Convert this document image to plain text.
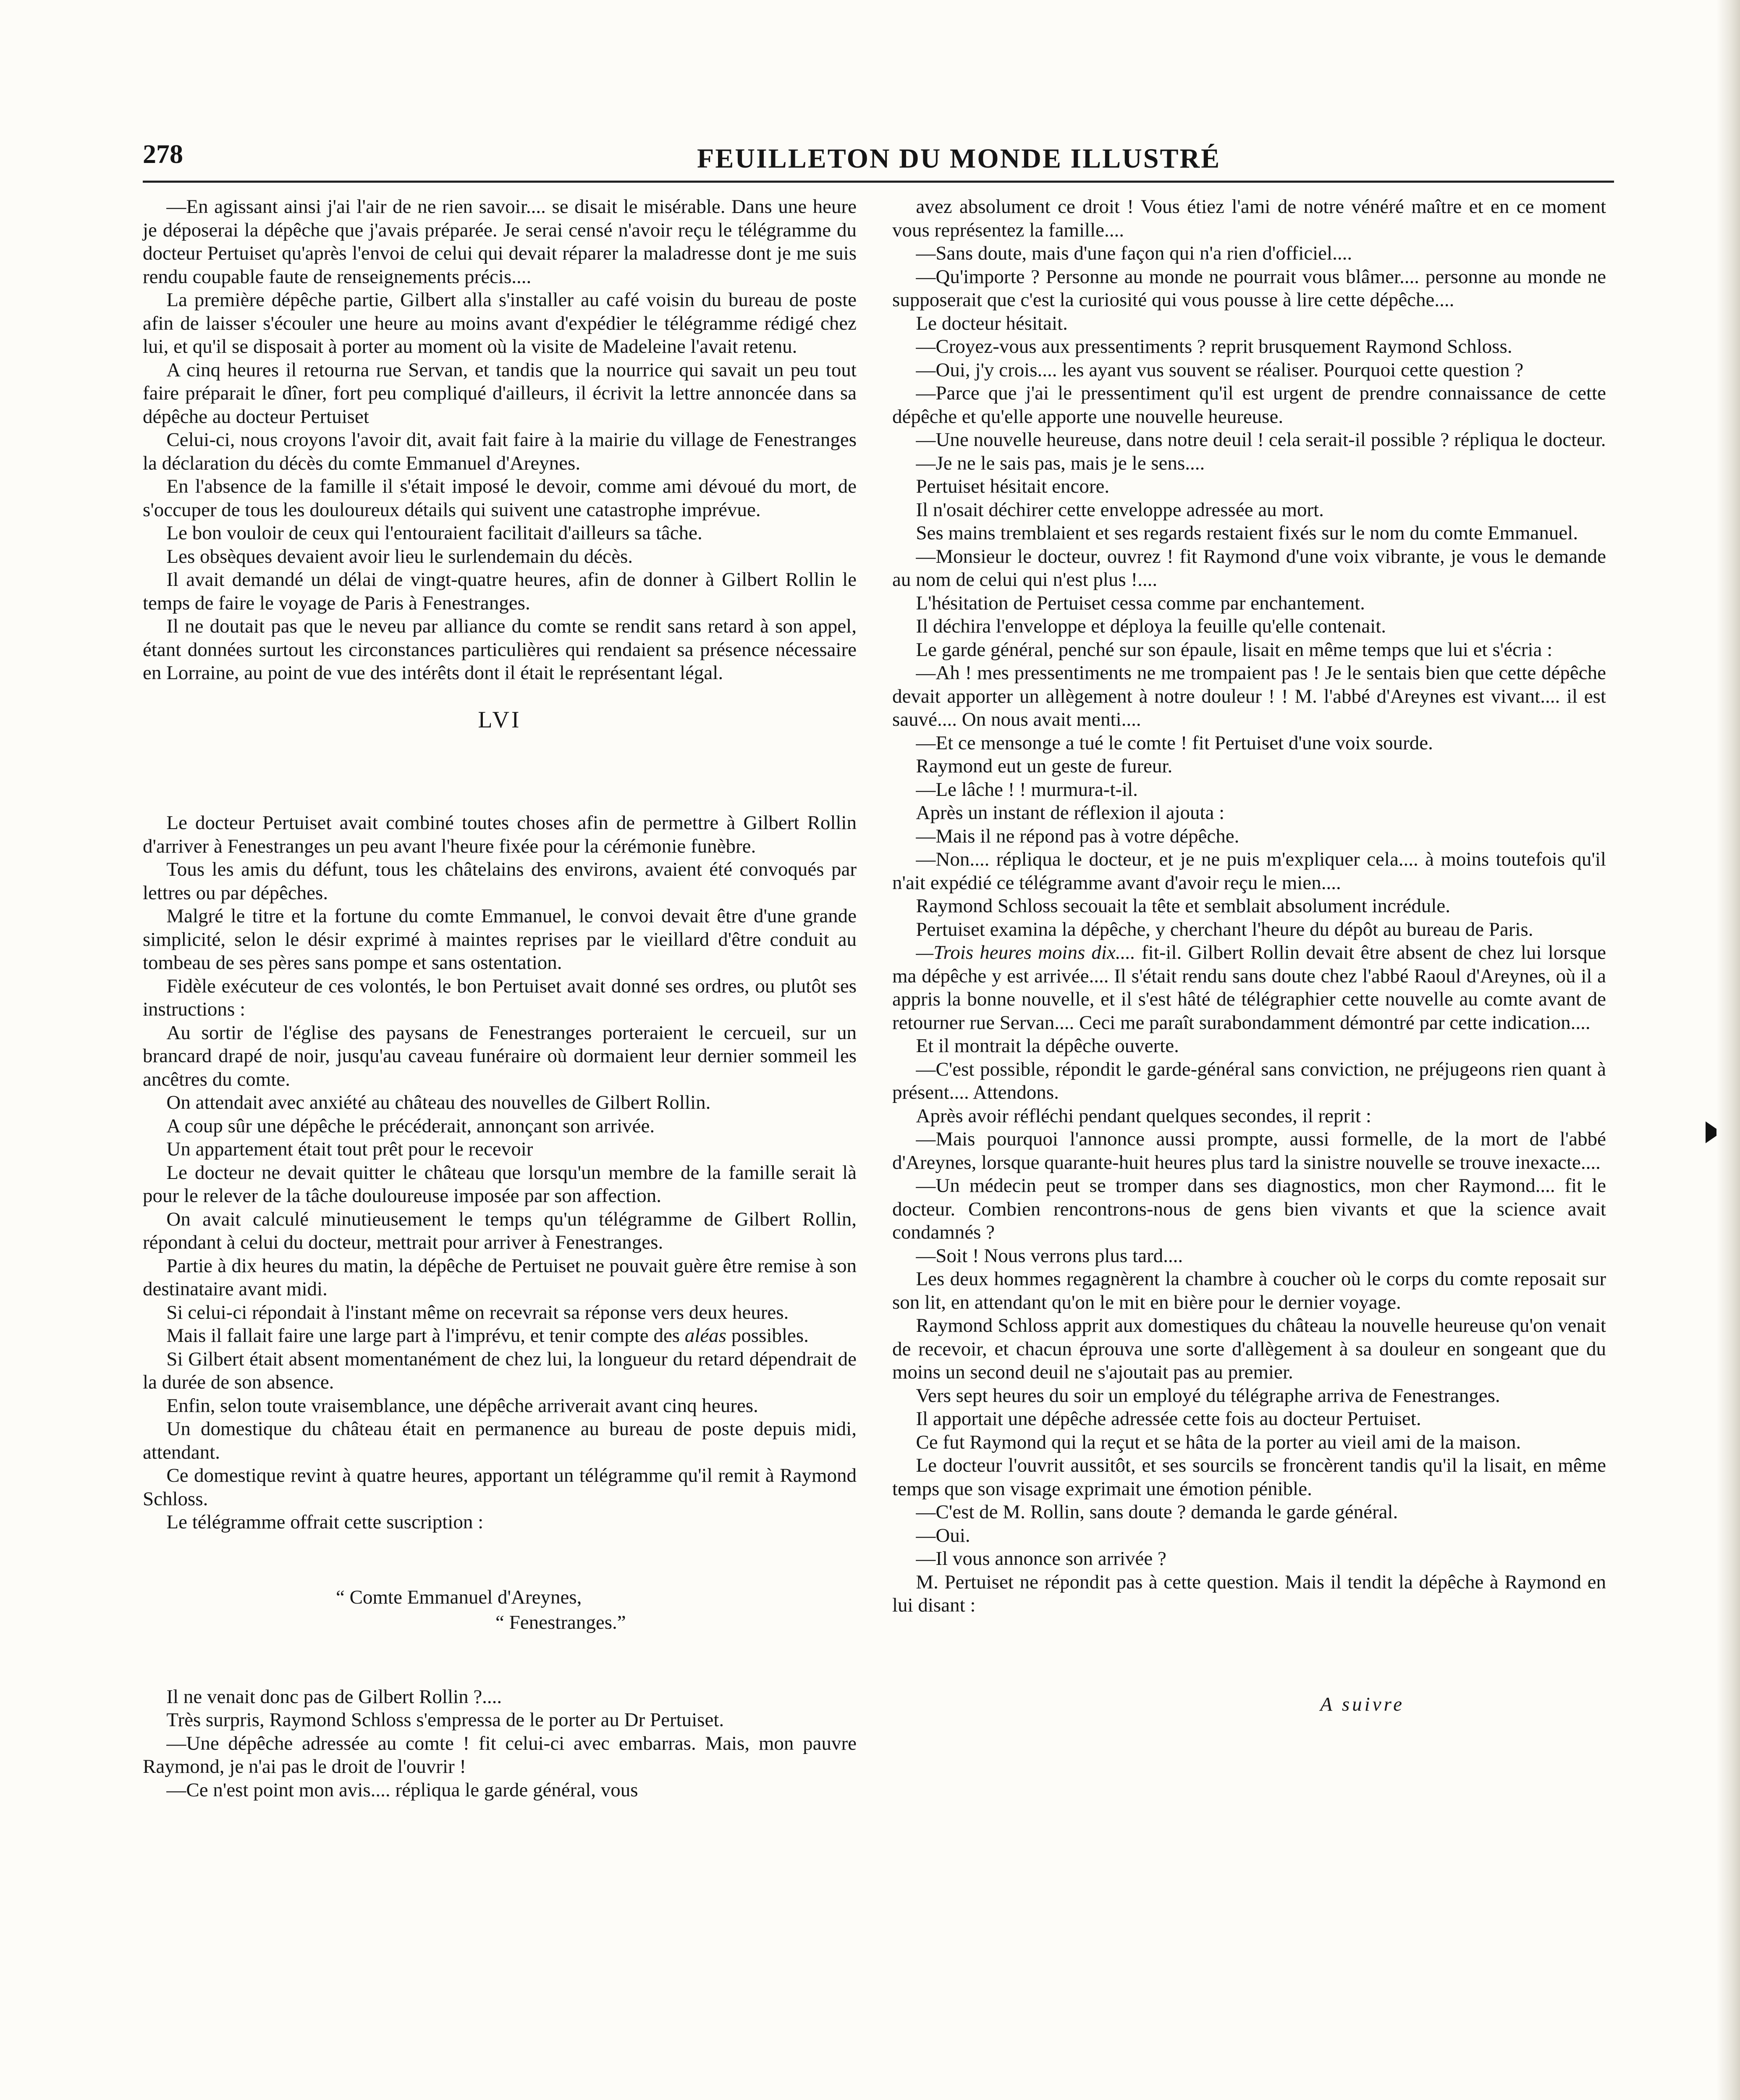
278	FEUILLETON DU MONDE ILLUSTRÉ

—En agissant ainsi j'ai l'air de ne rien savoir.... se disait le misérable. Dans une heure je déposerai la dépêche que j'avais préparée. Je serai censé n'avoir reçu le télégramme du docteur Pertuiset qu'après l'envoi de celui qui devait réparer la maladresse dont je me suis rendu coupable faute de renseignements précis....

La première dépêche partie, Gilbert alla s'installer au café voisin du bureau de poste afin de laisser s'écouler une heure au moins avant d'expédier le télégramme rédigé chez lui, et qu'il se disposait à porter au moment où la visite de Madeleine l'avait retenu.

A cinq heures il retourna rue Servan, et tandis que la nourrice qui savait un peu tout faire préparait le dîner, fort peu compliqué d'ailleurs, il écrivit la lettre annoncée dans sa dépêche au docteur Pertuiset

Celui-ci, nous croyons l'avoir dit, avait fait faire à la mairie du village de Fenestranges la déclaration du décès du comte Emmanuel d'Areynes.

En l'absence de la famille il s'était imposé le devoir, comme ami dévoué du mort, de s'occuper de tous les douloureux détails qui suivent une catastrophe imprévue.

Le bon vouloir de ceux qui l'entouraient facilitait d'ailleurs sa tâche.

Les obsèques devaient avoir lieu le surlendemain du décès.

Il avait demandé un délai de vingt-quatre heures, afin de donner à Gilbert Rollin le temps de faire le voyage de Paris à Fenestranges.

Il ne doutait pas que le neveu par alliance du comte se rendit sans retard à son appel, étant données surtout les circonstances particulières qui rendaient sa présence nécessaire en Lorraine, au point de vue des intérêts dont il était le représentant légal.

LVI

Le docteur Pertuiset avait combiné toutes choses afin de permettre à Gilbert Rollin d'arriver à Fenestranges un peu avant l'heure fixée pour la cérémonie funèbre.

Tous les amis du défunt, tous les châtelains des environs, avaient été convoqués par lettres ou par dépêches.

Malgré le titre et la fortune du comte Emmanuel, le convoi devait être d'une grande simplicité, selon le désir exprimé à maintes reprises par le vieillard d'être conduit au tombeau de ses pères sans pompe et sans ostentation.

Fidèle exécuteur de ces volontés, le bon Pertuiset avait donné ses ordres, ou plutôt ses instructions :

Au sortir de l'église des paysans de Fenestranges porteraient le cercueil, sur un brancard drapé de noir, jusqu'au caveau funéraire où dormaient leur dernier sommeil les ancêtres du comte.

On attendait avec anxiété au château des nouvelles de Gilbert Rollin.

A coup sûr une dépêche le précéderait, annonçant son arrivée.

Un appartement était tout prêt pour le recevoir

Le docteur ne devait quitter le château que lorsqu'un membre de la famille serait là pour le relever de la tâche douloureuse imposée par son affection.

On avait calculé minutieusement le temps qu'un télégramme de Gilbert Rollin, répondant à celui du docteur, mettrait pour arriver à Fenestranges.

Partie à dix heures du matin, la dépêche de Pertuiset ne pouvait guère être remise à son destinataire avant midi.

Si celui-ci répondait à l'instant même on recevrait sa réponse vers deux heures.

Mais il fallait faire une large part à l'imprévu, et tenir compte des aléas possibles.

Si Gilbert était absent momentanément de chez lui, la longueur du retard dépendrait de la durée de son absence.

Enfin, selon toute vraisemblance, une dépêche arriverait avant cinq heures.

Un domestique du château était en permanence au bureau de poste depuis midi, attendant.

Ce domestique revint à quatre heures, apportant un télégramme qu'il remit à Raymond Schloss.

Le télégramme offrait cette suscription :

“ Comte Emmanuel d'Areynes,
“ Fenestranges.”

Il ne venait donc pas de Gilbert Rollin ?....

Très surpris, Raymond Schloss s'empressa de le porter au Dr Pertuiset.

—Une dépêche adressée au comte ! fit celui-ci avec embarras. Mais, mon pauvre Raymond, je n'ai pas le droit de l'ouvrir !

—Ce n'est point mon avis.... répliqua le garde général, vous

avez absolument ce droit ! Vous étiez l'ami de notre vénéré maître et en ce moment vous représentez la famille....

—Sans doute, mais d'une façon qui n'a rien d'officiel....

—Qu'importe ? Personne au monde ne pourrait vous blâmer.... personne au monde ne supposerait que c'est la curiosité qui vous pousse à lire cette dépêche....

Le docteur hésitait.

—Croyez-vous aux pressentiments ? reprit brusquement Raymond Schloss.

—Oui, j'y crois.... les ayant vus souvent se réaliser. Pourquoi cette question ?

—Parce que j'ai le pressentiment qu'il est urgent de prendre connaissance de cette dépêche et qu'elle apporte une nouvelle heureuse.

—Une nouvelle heureuse, dans notre deuil ! cela serait-il possible ? répliqua le docteur.

—Je ne le sais pas, mais je le sens....

Pertuiset hésitait encore.

Il n'osait déchirer cette enveloppe adressée au mort.

Ses mains tremblaient et ses regards restaient fixés sur le nom du comte Emmanuel.

—Monsieur le docteur, ouvrez ! fit Raymond d'une voix vibrante, je vous le demande au nom de celui qui n'est plus !....

L'hésitation de Pertuiset cessa comme par enchantement.

Il déchira l'enveloppe et déploya la feuille qu'elle contenait.

Le garde général, penché sur son épaule, lisait en même temps que lui et s'écria :

—Ah ! mes pressentiments ne me trompaient pas ! Je le sentais bien que cette dépêche devait apporter un allègement à notre douleur ! ! M. l'abbé d'Areynes est vivant.... il est sauvé.... On nous avait menti....

—Et ce mensonge a tué le comte ! fit Pertuiset d'une voix sourde.

Raymond eut un geste de fureur.

—Le lâche ! ! murmura-t-il.

Après un instant de réflexion il ajouta :

—Mais il ne répond pas à votre dépêche.

—Non.... répliqua le docteur, et je ne puis m'expliquer cela.... à moins toutefois qu'il n'ait expédié ce télégramme avant d'avoir reçu le mien....

Raymond Schloss secouait la tête et semblait absolument incrédule.

Pertuiset examina la dépêche, y cherchant l'heure du dépôt au bureau de Paris.

—Trois heures moins dix.... fit-il. Gilbert Rollin devait être absent de chez lui lorsque ma dépêche y est arrivée.... Il s'était rendu sans doute chez l'abbé Raoul d'Areynes, où il a appris la bonne nouvelle, et il s'est hâté de télégraphier cette nouvelle au comte avant de retourner rue Servan.... Ceci me paraît surabondamment démontré par cette indication....

Et il montrait la dépêche ouverte.

—C'est possible, répondit le garde-général sans conviction, ne préjugeons rien quant à présent.... Attendons.

Après avoir réfléchi pendant quelques secondes, il reprit :

—Mais pourquoi l'annonce aussi prompte, aussi formelle, de la mort de l'abbé d'Areynes, lorsque quarante-huit heures plus tard la sinistre nouvelle se trouve inexacte....

—Un médecin peut se tromper dans ses diagnostics, mon cher Raymond.... fit le docteur. Combien rencontrons-nous de gens bien vivants et que la science avait condamnés ?

—Soit ! Nous verrons plus tard....

Les deux hommes regagnèrent la chambre à coucher où le corps du comte reposait sur son lit, en attendant qu'on le mit en bière pour le dernier voyage.

Raymond Schloss apprit aux domestiques du château la nouvelle heureuse qu'on venait de recevoir, et chacun éprouva une sorte d'allègement à sa douleur en songeant que du moins un second deuil ne s'ajoutait pas au premier.

Vers sept heures du soir un employé du télégraphe arriva de Fenestranges.

Il apportait une dépêche adressée cette fois au docteur Pertuiset.

Ce fut Raymond qui la reçut et se hâta de la porter au vieil ami de la maison.

Le docteur l'ouvrit aussitôt, et ses sourcils se froncèrent tandis qu'il la lisait, en même temps que son visage exprimait une émotion pénible.

—C'est de M. Rollin, sans doute ? demanda le garde général.

—Oui.

—Il vous annonce son arrivée ?

M. Pertuiset ne répondit pas à cette question. Mais il tendit la dépêche à Raymond en lui disant :

A suivre
